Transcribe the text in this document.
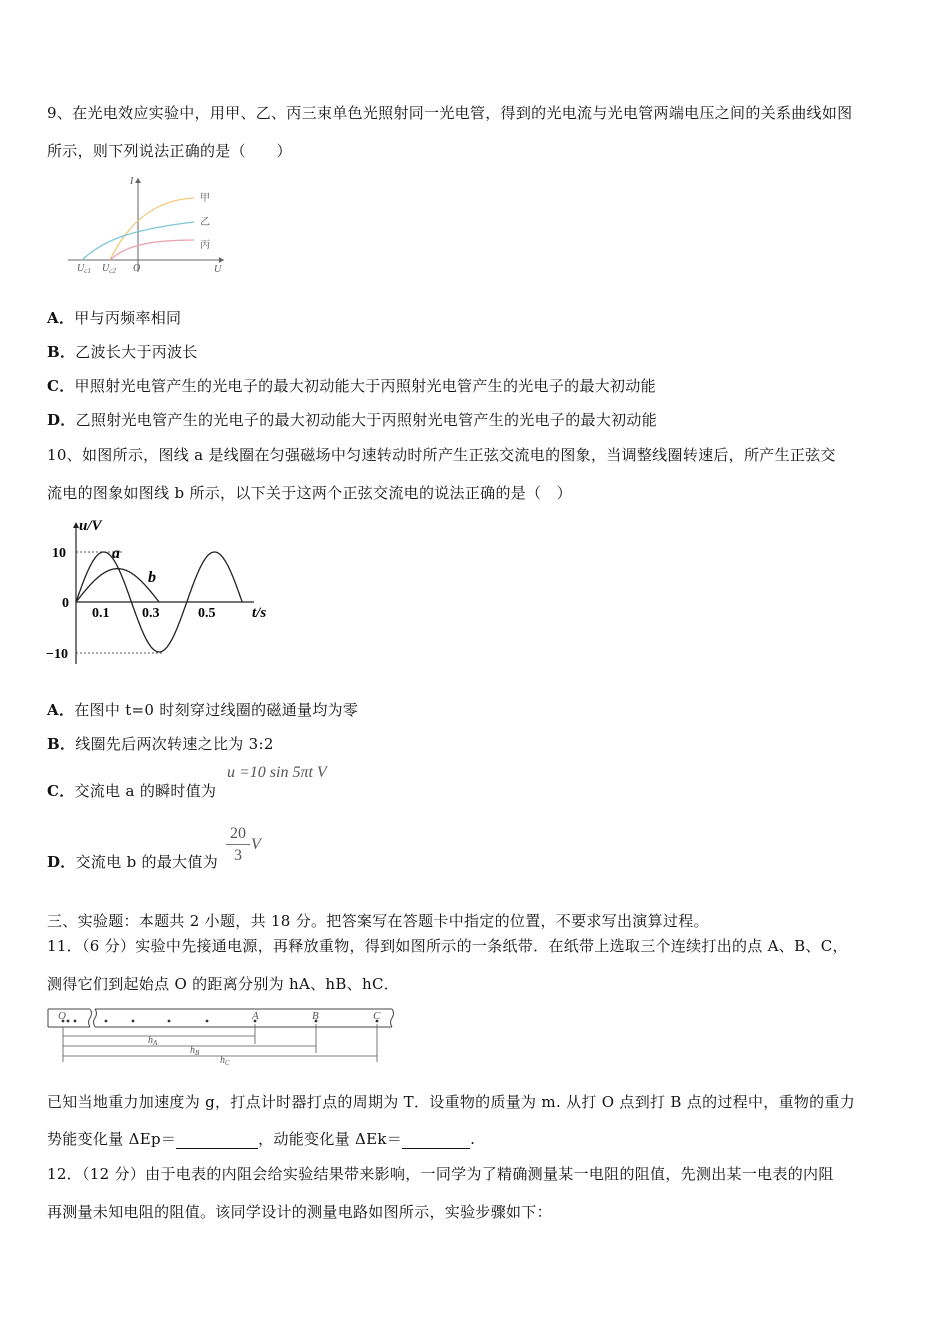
9、在光电效应实验中，用甲、乙、丙三束单色光照射同一光电管，得到的光电流与光电管两端电压之间的关系曲线如图
所示，则下列说法正确的是（　　）
I
U
O
$U_{c1}$ $U_{c2}$
甲
乙
丙
A．甲与丙频率相同
B．乙波长大于丙波长
C．甲照射光电管产生的光电子的最大初动能大于丙照射光电管产生的光电子的最大初动能
D．乙照射光电管产生的光电子的最大初动能大于丙照射光电管产生的光电子的最大初动能
10、如图所示，图线 a 是线圈在匀强磁场中匀速转动时所产生正弦交流电的图象，当调整线圈转速后，所产生正弦交
流电的图象如图线 b 所示，以下关于这两个正弦交流电的说法正确的是（　）
u/V
t/s
10
0
−10
0.1 0.3	0.5
a
b
A．在图中 t=0 时刻穿过线圈的磁通量均为零
B．线圈先后两次转速之比为 3:2
C．交流电 a 的瞬时值为
u =10 sin 5πt V
D．交流电 b 的最大值为
20
3
V
三、实验题：本题共 2 小题，共 18 分。把答案写在答题卡中指定的位置，不要求写出演算过程。
11．（6 分）实验中先接通电源，再释放重物，得到如图所示的一条纸带．在纸带上选取三个连续打出的点 A、B、C，
测得它们到起始点 O 的距离分别为 hA、hB、hC．
O	A	B	C
$h_A$
$h_B$
$h_C$
已知当地重力加速度为 g，打点计时器打点的周期为 T．设重物的质量为 m. 从打 O 点到打 B 点的过程中，重物的重力
势能变化量 ΔEp＝	，动能变化量 ΔEk＝	.
12．（12 分）由于电表的内阻会给实验结果带来影响，一同学为了精确测量某一电阻的阻值，先测出某一电表的内阻
再测量未知电阻的阻值。该同学设计的测量电路如图所示，实验步骤如下：
